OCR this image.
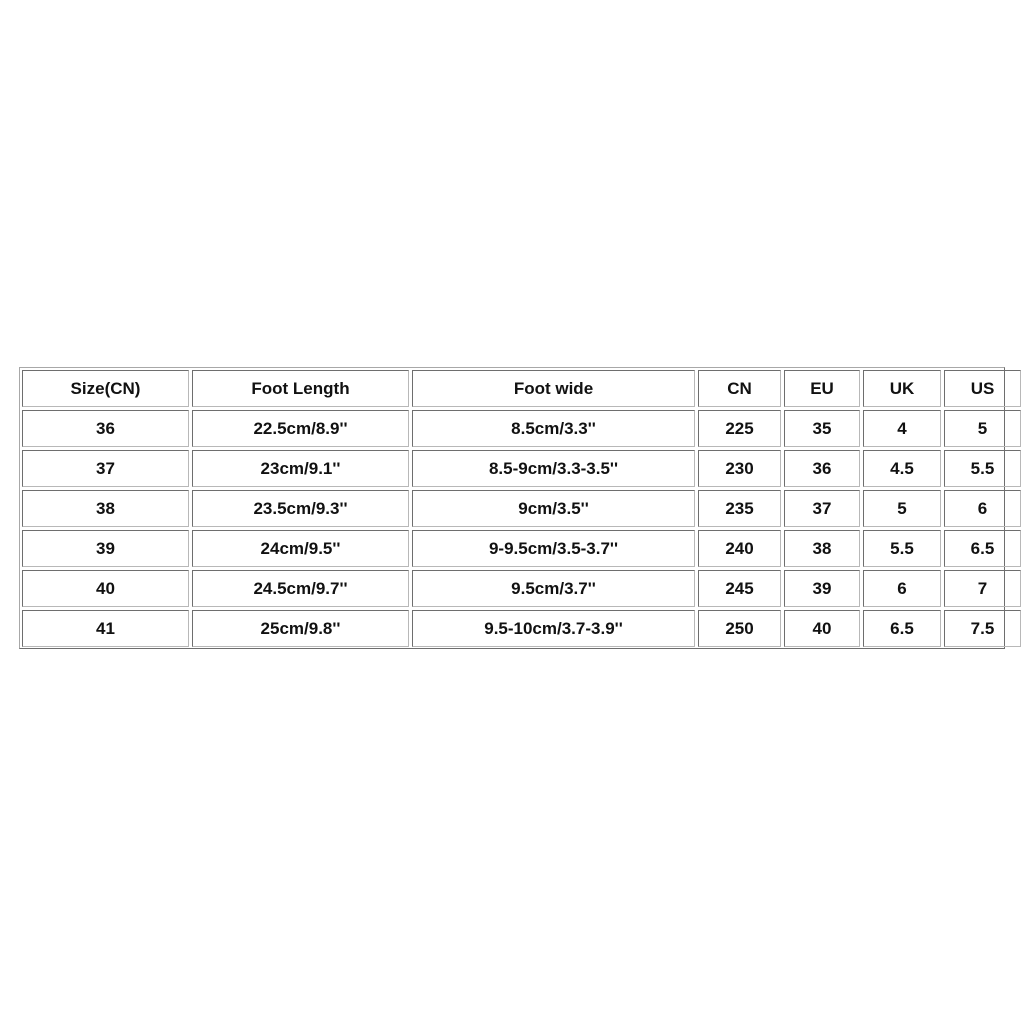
Size(CN)	Foot Length	Foot wide	CN	EU	UK	US
36	22.5cm/8.9''	8.5cm/3.3''	225	35	4	5
37	23cm/9.1''	8.5-9cm/3.3-3.5''	230	36	4.5	5.5
38	23.5cm/9.3''	9cm/3.5''	235	37	5	6
39	24cm/9.5''	9-9.5cm/3.5-3.7''	240	38	5.5	6.5
40	24.5cm/9.7''	9.5cm/3.7''	245	39	6	7
41	25cm/9.8''	9.5-10cm/3.7-3.9''	250	40	6.5	7.5
